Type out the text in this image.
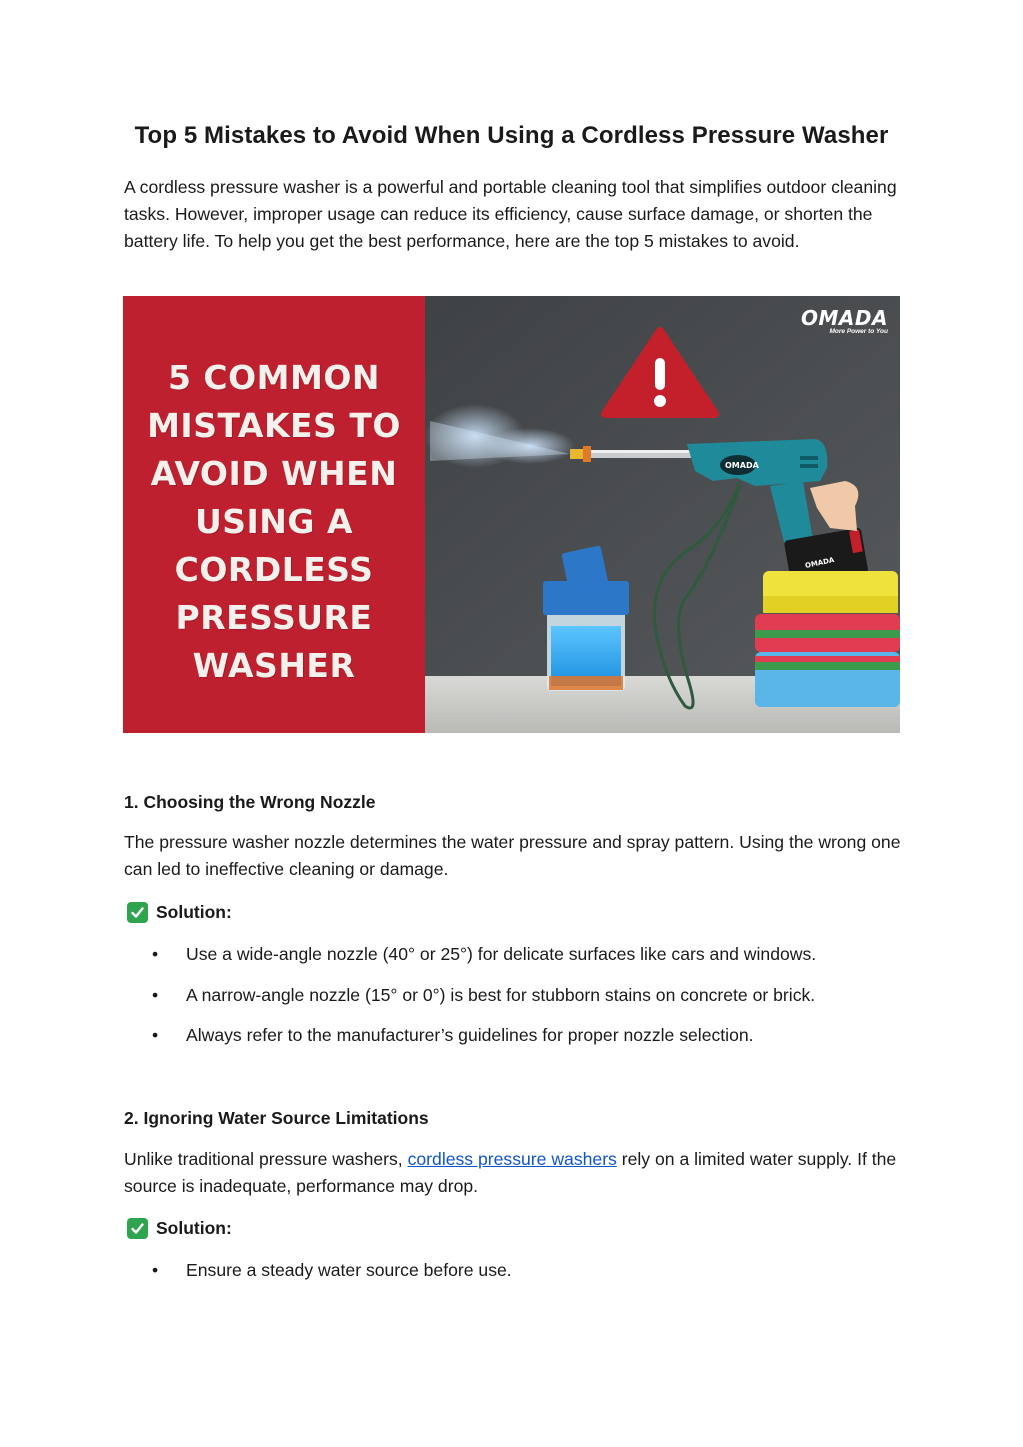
Top 5 Mistakes to Avoid When Using a Cordless Pressure Washer

A cordless pressure washer is a powerful and portable cleaning tool that simplifies outdoor cleaning tasks. However, improper usage can reduce its efficiency, cause surface damage, or shorten the battery life. To help you get the best performance, here are the top 5 mistakes to avoid.

5 COMMON
MISTAKES TO
AVOID WHEN
USING A
CORDLESS
PRESSURE
WASHER
OMADA
OMADA
OMADA
More Power to You

1. Choosing the Wrong Nozzle

The pressure washer nozzle determines the water pressure and spray pattern. Using the wrong one can led to ineffective cleaning or damage.

Solution:

• Use a wide-angle nozzle (40° or 25°) for delicate surfaces like cars and windows.

• A narrow-angle nozzle (15° or 0°) is best for stubborn stains on concrete or brick.

• Always refer to the manufacturer’s guidelines for proper nozzle selection.

2. Ignoring Water Source Limitations

Unlike traditional pressure washers, cordless pressure washers rely on a limited water supply. If the source is inadequate, performance may drop.

Solution:

• Ensure a steady water source before use.
